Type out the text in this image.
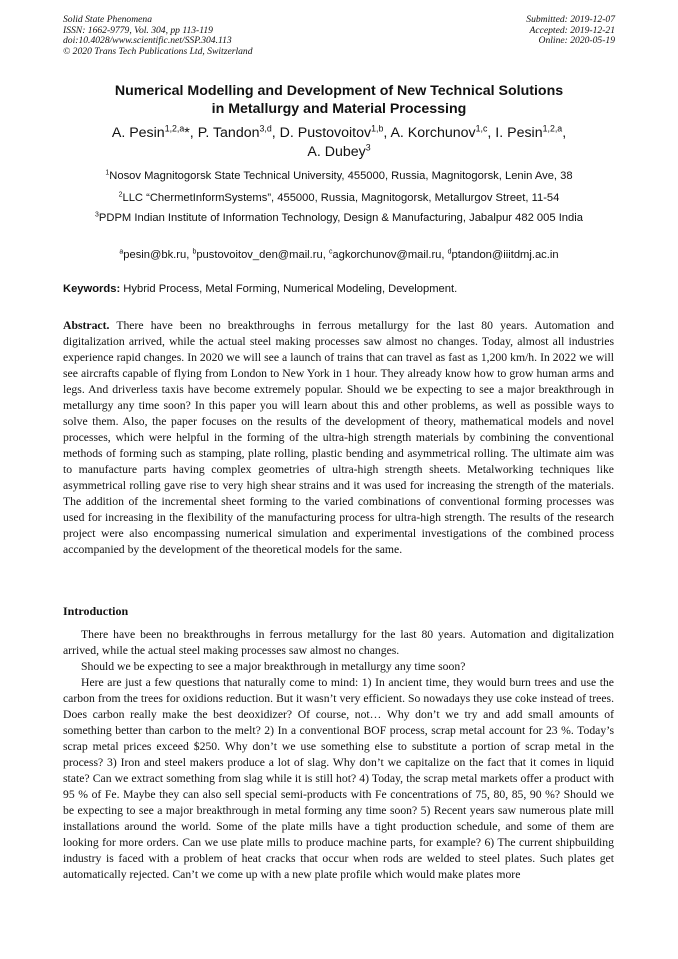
Solid State Phenomena
ISSN: 1662-9779, Vol. 304, pp 113-119
doi:10.4028/www.scientific.net/SSP.304.113
© 2020 Trans Tech Publications Ltd, Switzerland
Submitted: 2019-12-07
Accepted: 2019-12-21
Online: 2020-05-19
Numerical Modelling and Development of New Technical Solutions
in Metallurgy and Material Processing
A. Pesin$^{1,2,a}$*, P. Tandon$^{3,d}$, D. Pustovoitov$^{1,b}$, A. Korchunov$^{1,c}$, I. Pesin$^{1,2,a}$,
A. Dubey$^3$
$^1$Nosov Magnitogorsk State Technical University, 455000, Russia, Magnitogorsk, Lenin Ave, 38
$^2$LLC “ChermetInformSystems”, 455000, Russia, Magnitogorsk, Metallurgov Street, 11-54
$^3$PDPM Indian Institute of Information Technology, Design & Manufacturing, Jabalpur 482 005 India
$^a$pesin@bk.ru, $^b$pustovoitov_den@mail.ru, $^c$agkorchunov@mail.ru, $^d$ptandon@iiitdmj.ac.in
Keywords: Hybrid Process, Metal Forming, Numerical Modeling, Development.
Abstract. There have been no breakthroughs in ferrous metallurgy for the last 80 years. Automation and digitalization arrived, while the actual steel making processes saw almost no changes. Today, almost all industries experience rapid changes. In 2020 we will see a launch of trains that can travel as fast as 1,200 km/h. In 2022 we will see aircrafts capable of flying from London to New York in 1 hour. They already know how to grow human arms and legs. And driverless taxis have become extremely popular. Should we be expecting to see a major breakthrough in metallurgy any time soon? In this paper you will learn about this and other problems, as well as possible ways to solve them. Also, the paper focuses on the results of the development of theory, mathematical models and novel processes, which were helpful in the forming of the ultra-high strength materials by combining the conventional methods of forming such as stamping, plate rolling, plastic bending and asymmetrical rolling. The ultimate aim was to manufacture parts having complex geometries of ultra-high strength sheets. Metalworking techniques like asymmetrical rolling gave rise to very high shear strains and it was used for increasing the strength of the materials. The addition of the incremental sheet forming to the varied combinations of conventional forming processes was used for increasing in the flexibility of the manufacturing process for ultra-high strength. The results of the research project were also encompassing numerical simulation and experimental investigations of the combined process accompanied by the development of the theoretical models for the same.
Introduction

There have been no breakthroughs in ferrous metallurgy for the last 80 years. Automation and digitalization arrived, while the actual steel making processes saw almost no changes.

Should we be expecting to see a major breakthrough in metallurgy any time soon?

Here are just a few questions that naturally come to mind: 1) In ancient time, they would burn trees and use the carbon from the trees for oxidions reduction. But it wasn’t very efficient. So nowadays they use coke instead of trees. Does carbon really make the best deoxidizer? Of course, not… Why don’t we try and add small amounts of something better than carbon to the melt? 2) In a conventional BOF process, scrap metal account for 23 %. Today’s scrap metal prices exceed $250. Why don’t we use something else to substitute a portion of scrap metal in the process? 3) Iron and steel makers produce a lot of slag. Why don’t we capitalize on the fact that it comes in liquid state? Can we extract something from slag while it is still hot? 4) Today, the scrap metal markets offer a product with 95 % of Fe. Maybe they can also sell special semi-products with Fe concentrations of 75, 80, 85, 90 %? Should we be expecting to see a major breakthrough in metal forming any time soon? 5) Recent years saw numerous plate mill installations around the world. Some of the plate mills have a tight production schedule, and some of them are looking for more orders. Can we use plate mills to produce machine parts, for example? 6) The current shipbuilding industry is faced with a problem of heat cracks that occur when rods are welded to steel plates. Such plates get automatically rejected. Can’t we come up with a new plate profile which would make plates more
